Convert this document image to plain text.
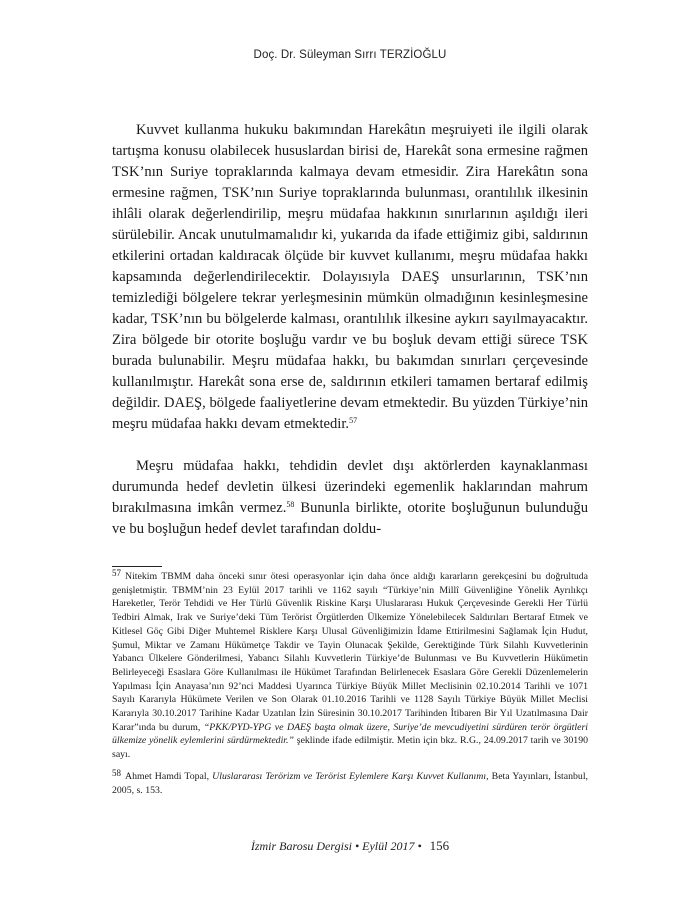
Doç. Dr. Süleyman Sırrı TERZİOĞLU

Kuvvet kullanma hukuku bakımından Harekâtın meşruiyeti ile ilgili olarak tartışma konusu olabilecek hususlardan birisi de, Harekât sona ermesine rağmen TSK’nın Suriye topraklarında kalmaya devam etmesidir. Zira Harekâtın sona ermesine rağmen, TSK’nın Suriye topraklarında bulunması, orantılılık ilkesinin ihlâli olarak değerlendirilip, meşru müdafaa hakkının sınırlarının aşıldığı ileri sürülebilir. Ancak unutulmamalıdır ki, yukarıda da ifade ettiğimiz gibi, saldırının etkilerini ortadan kaldıracak ölçüde bir kuvvet kullanımı, meşru müdafaa hakkı kapsamında değerlendirilecektir. Dolayısıyla DAEŞ unsurlarının, TSK’nın temizlediği bölgelere tekrar yerleşmesinin mümkün olmadığının kesinleşmesine kadar, TSK’nın bu bölgelerde kalması, orantılılık ilkesine aykırı sayılmayacaktır. Zira bölgede bir otorite boşluğu vardır ve bu boşluk devam ettiği sürece TSK burada bulunabilir. Meşru müdafaa hakkı, bu bakımdan sınırları çerçevesinde kullanılmıştır. Harekât sona erse de, saldırının etkileri tamamen bertaraf edilmiş değildir. DAEŞ, bölgede faaliyetlerine devam etmektedir. Bu yüzden Türkiye’nin meşru müdafaa hakkı devam etmektedir.$^{57}$

Meşru müdafaa hakkı, tehdidin devlet dışı aktörlerden kaynaklanması durumunda hedef devletin ülkesi üzerindeki egemenlik haklarından mahrum bırakılmasına imkân vermez.$^{58}$ Bununla birlikte, otorite boşluğunun bulunduğu ve bu boşluğun hedef devlet tarafından doldu-

57 Nitekim TBMM daha önceki sınır ötesi operasyonlar için daha önce aldığı kararların gerekçesini bu doğrultuda genişletmiştir. TBMM’nin 23 Eylül 2017 tarihli ve 1162 sayılı “Türkiye’nin Millî Güvenliğine Yönelik Ayrılıkçı Hareketler, Terör Tehdidi ve Her Türlü Güvenlik Riskine Karşı Uluslararası Hukuk Çerçevesinde Gerekli Her Türlü Tedbiri Almak, Irak ve Suriye’deki Tüm Terörist Örgütlerden Ülkemize Yönelebilecek Saldırıları Bertaraf Etmek ve Kitlesel Göç Gibi Diğer Muhtemel Risklere Karşı Ulusal Güvenliğimizin İdame Ettirilmesini Sağlamak İçin Hudut, Şumul, Miktar ve Zamanı Hükümetçe Takdir ve Tayin Olunacak Şekilde, Gerektiğinde Türk Silahlı Kuvvetlerinin Yabancı Ülkelere Gönderilmesi, Yabancı Silahlı Kuvvetlerin Türkiye’de Bulunması ve Bu Kuvvetlerin Hükümetin Belirleyeceği Esaslara Göre Kullanılması ile Hükümet Tarafından Belirlenecek Esaslara Göre Gerekli Düzenlemelerin Yapılması İçin Anayasa’nın 92’nci Maddesi Uyarınca Türkiye Büyük Millet Meclisinin 02.10.2014 Tarihli ve 1071 Sayılı Kararıyla Hükümete Verilen ve Son Olarak 01.10.2016 Tarihli ve 1128 Sayılı Türkiye Büyük Millet Meclisi Kararıyla 30.10.2017 Tarihine Kadar Uzatılan İzin Süresinin 30.10.2017 Tarihinden İtibaren Bir Yıl Uzatılmasına Dair Karar”ında bu durum, “PKK/PYD-YPG ve DAEŞ başta olmak üzere, Suriye’de mevcudiyetini sürdüren terör örgütleri ülkemize yönelik eylemlerini sürdürmektedir.” şeklinde ifade edilmiştir. Metin için bkz. R.G., 24.09.2017 tarih ve 30190 sayı.

58 Ahmet Hamdi Topal, Uluslararası Terörizm ve Terörist Eylemlere Karşı Kuvvet Kullanımı, Beta Yayınları, İstanbul, 2005, s. 153.

İzmir Barosu Dergisi • Eylül 2017 • 156
